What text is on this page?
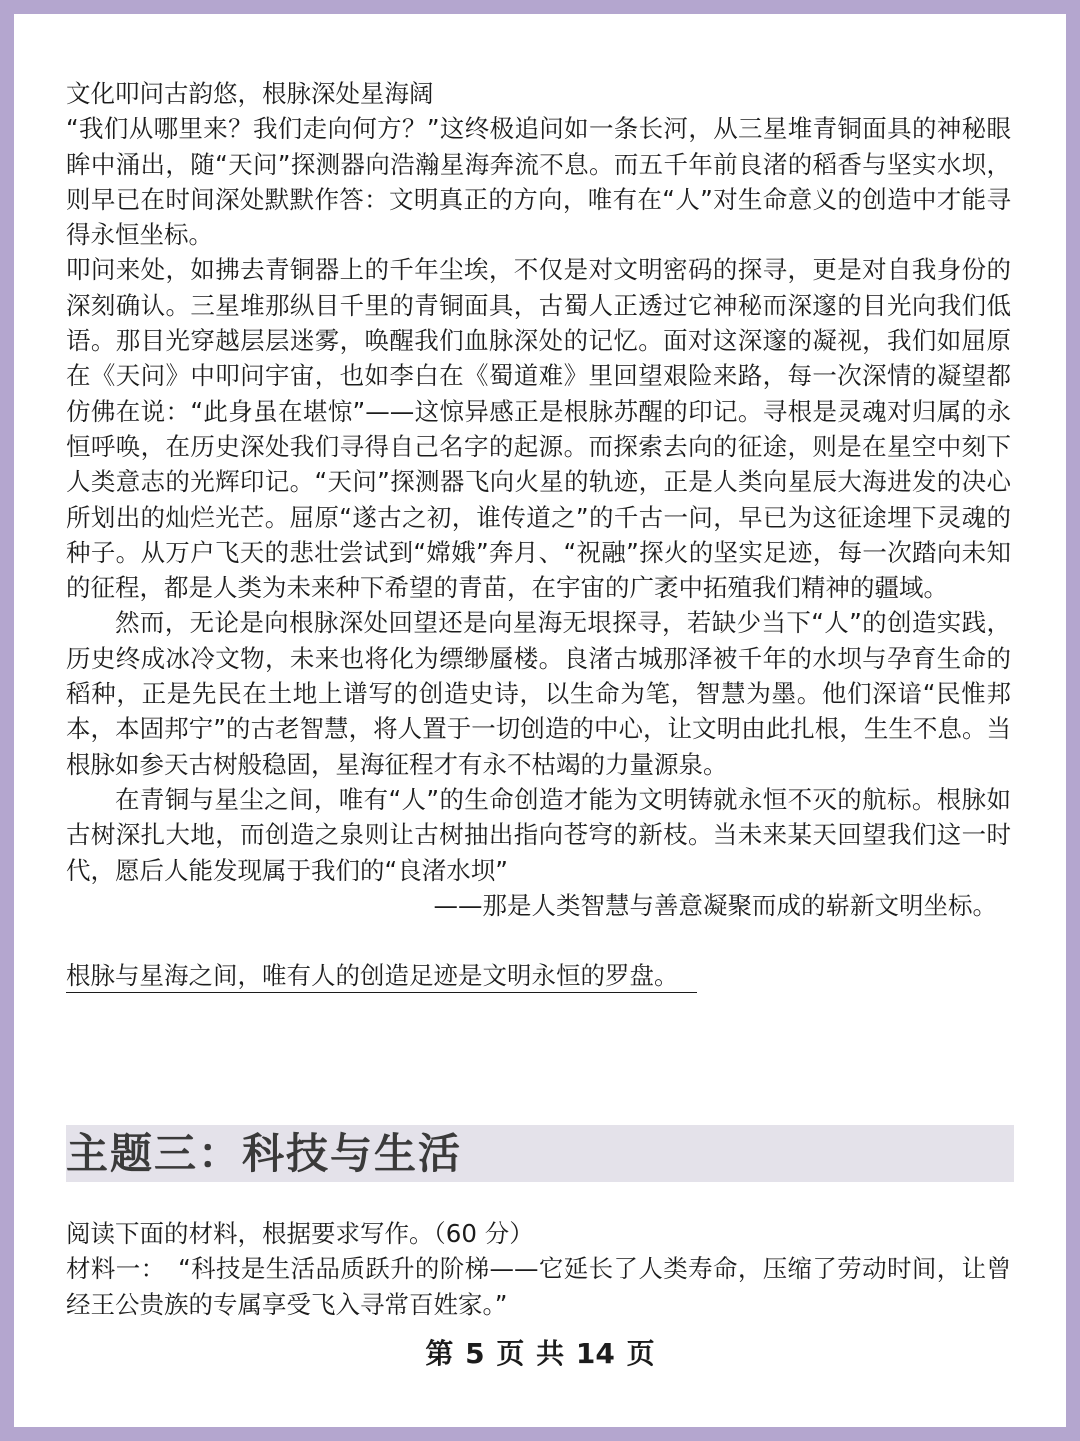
文化叩问古韵悠，根脉深处星海阔

“我们从哪里来？我们走向何方？”这终极追问如一条长河，从三星堆青铜面具的神秘眼眸中涌出，随“天问”探测器向浩瀚星海奔流不息。而五千年前良渚的稻香与坚实水坝，则早已在时间深处默默作答：文明真正的方向，唯有在“人”对生命意义的创造中才能寻得永恒坐标。

叩问来处，如拂去青铜器上的千年尘埃，不仅是对文明密码的探寻，更是对自我身份的深刻确认。三星堆那纵目千里的青铜面具，古蜀人正透过它神秘而深邃的目光向我们低语。那目光穿越层层迷雾，唤醒我们血脉深处的记忆。面对这深邃的凝视，我们如屈原在《天问》中叩问宇宙，也如李白在《蜀道难》里回望艰险来路，每一次深情的凝望都仿佛在说：“此身虽在堪惊”——这惊异感正是根脉苏醒的印记。寻根是灵魂对归属的永恒呼唤，在历史深处我们寻得自己名字的起源。而探索去向的征途，则是在星空中刻下人类意志的光辉印记。“天问”探测器飞向火星的轨迹，正是人类向星辰大海进发的决心所划出的灿烂光芒。屈原“遂古之初，谁传道之”的千古一问，早已为这征途埋下灵魂的种子。从万户飞天的悲壮尝试到“嫦娥”奔月、“祝融”探火的坚实足迹，每一次踏向未知的征程，都是人类为未来种下希望的青苗，在宇宙的广袤中拓殖我们精神的疆域。

然而，无论是向根脉深处回望还是向星海无垠探寻，若缺少当下“人”的创造实践，历史终成冰冷文物，未来也将化为缥缈蜃楼。良渚古城那泽被千年的水坝与孕育生命的稻种，正是先民在土地上谱写的创造史诗，以生命为笔，智慧为墨。他们深谙“民惟邦本，本固邦宁”的古老智慧，将人置于一切创造的中心，让文明由此扎根，生生不息。当根脉如参天古树般稳固，星海征程才有永不枯竭的力量源泉。

在青铜与星尘之间，唯有“人”的生命创造才能为文明铸就永恒不灭的航标。根脉如古树深扎大地，而创造之泉则让古树抽出指向苍穹的新枝。当未来某天回望我们这一时代，愿后人能发现属于我们的“良渚水坝”

——那是人类智慧与善意凝聚而成的崭新文明坐标。

根脉与星海之间，唯有人的创造足迹是文明永恒的罗盘。

主题三：科技与生活

阅读下面的材料，根据要求写作。（60 分）

材料一：　“科技是生活品质跃升的阶梯——它延长了人类寿命，压缩了劳动时间，让曾经王公贵族的专属享受飞入寻常百姓家。”

第 5 页 共 14 页
